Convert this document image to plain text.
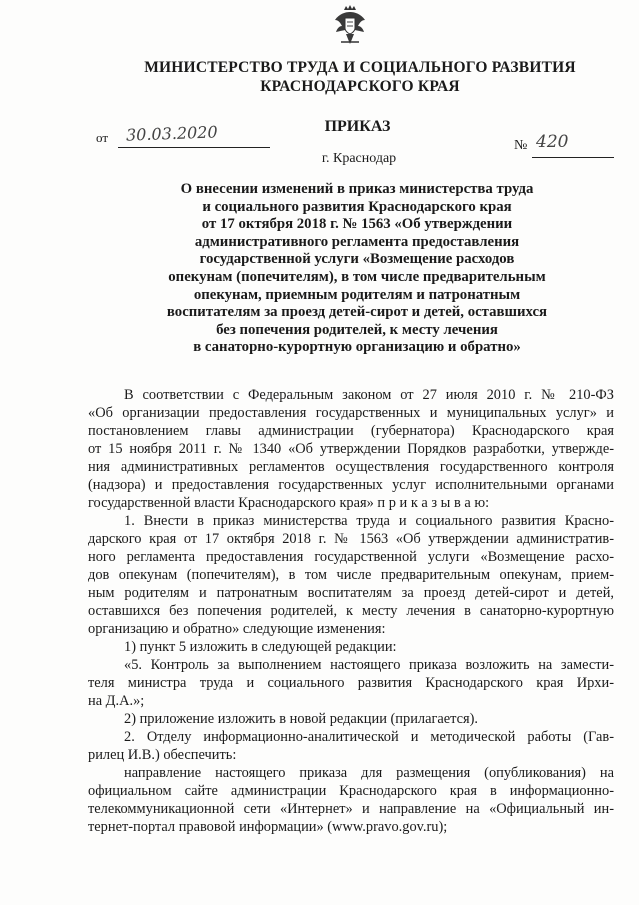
МИНИСТЕРСТВО ТРУДА И СОЦИАЛЬНОГО РАЗВИТИЯ
КРАСНОДАРСКОГО КРАЯ
ПРИКАЗ
от 30.03.2020
№ 420
г. Краснодар
О внесении изменений в приказ министерства труда
и социального развития Краснодарского края
от 17 октября 2018 г. № 1563 «Об утверждении
административного регламента предоставления
государственной услуги «Возмещение расходов
опекунам (попечителям), в том числе предварительным
опекунам, приемным родителям и патронатным
воспитателям за проезд детей-сирот и детей, оставшихся
без попечения родителей, к месту лечения
в санаторно-курортную организацию и обратно»
В соответствии с Федеральным законом от 27 июля 2010 г. № 210-ФЗ
«Об организации предоставления государственных и муниципальных услуг» и
постановлением главы администрации (губернатора) Краснодарского края
от 15 ноября 2011 г. № 1340 «Об утверждении Порядков разработки, утвержде-
ния административных регламентов осуществления государственного контроля
(надзора) и предоставления государственных услуг исполнительными органами
государственной власти Краснодарского края» п р и к а з ы в а ю:
1. Внести в приказ министерства труда и социального развития Красно-
дарского края от 17 октября 2018 г. № 1563 «Об утверждении административ-
ного регламента предоставления государственной услуги «Возмещение расхо-
дов опекунам (попечителям), в том числе предварительным опекунам, прием-
ным родителям и патронатным воспитателям за проезд детей-сирот и детей,
оставшихся без попечения родителей, к месту лечения в санаторно-курортную
организацию и обратно» следующие изменения:
1) пункт 5 изложить в следующей редакции:
«5. Контроль за выполнением настоящего приказа возложить на замести-
теля министра труда и социального развития Краснодарского края Ирхи-
на Д.А.»;
2) приложение изложить в новой редакции (прилагается).
2. Отделу информационно-аналитической и методической работы (Гав-
рилец И.В.) обеспечить:
направление настоящего приказа для размещения (опубликования) на
официальном сайте администрации Краснодарского края в информационно-
телекоммуникационной сети «Интернет» и направление на «Официальный ин-
тернет-портал правовой информации» (www.pravo.gov.ru);
